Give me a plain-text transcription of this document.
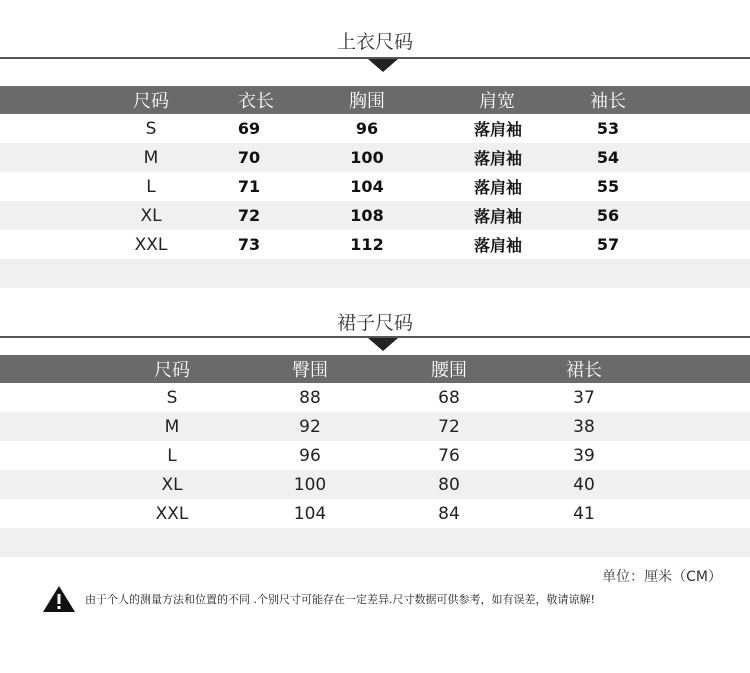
上衣尺码
尺码	衣长	胸围	肩宽	袖长
S	69	96	落肩袖	53
M	70	100	落肩袖	54
L	71	104	落肩袖	55
XL	72	108	落肩袖	56
XXL	73	112	落肩袖	57
裙子尺码
尺码	臀围	腰围	裙长
S	88	68	37
M	92	72	38
L	96	76	39
XL	100	80	40
XXL	104	84	41
单位：厘米（CM）
由于个人的测量方法和位置的不同 .个别尺寸可能存在一定差异.尺寸数据可供参考，如有误差，敬请谅解!
